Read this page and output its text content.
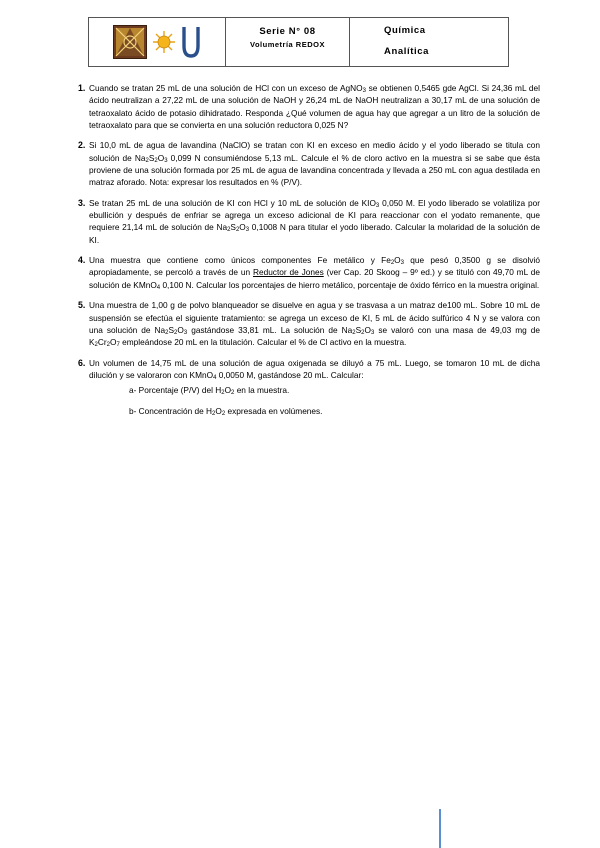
Serie N° 08
Volumetría REDOX
Química
Analítica
1. Cuando se tratan 25 mL de una solución de HCl con un exceso de AgNO$_3$ se obtienen 0,5465 gde AgCl. Si 24,36 mL del ácido neutralizan a 27,22 mL de una solución de NaOH y 26,24 mL de NaOH neutralizan a 30,17 mL de una solución de tetraoxalato ácido de potasio dihidratado. Responda ¿Qué volumen de agua hay que agregar a un litro de la solución de tetraoxalato para que se convierta en una solución reductora 0,025 N?
2. Si 10,0 mL de agua de lavandina (NaClO) se tratan con KI en exceso en medio ácido y el yodo liberado se titula con solución de $Na_2S_2O_3$ 0,099 N consumiéndose 5,13 mL. Calcule el % de cloro activo en la muestra si se sabe que ésta proviene de una solución formada por 25 mL de agua de lavandina concentrada y llevada a 250 mL con agua destilada en matraz aforado. Nota: expresar los resultados en % (P/V).
3. Se tratan 25 mL de una solución de KI con HCl y 10 mL de solución de $KIO_3$ 0,050 M. El yodo liberado se volatiliza por ebullición y después de enfriar se agrega un exceso adicional de KI para reaccionar con el yodato remanente, que requiere 21,14 mL de solución de $Na_2S_2O_3$ 0,1008 N para titular el yodo liberado. Calcular la molaridad de la solución de KI.
4. Una muestra que contiene como únicos componentes Fe metálico y $Fe_2O_3$ que pesó 0,3500 g se disolvió apropiadamente, se percoló a través de un Reductor de Jones (ver Cap. 20 Skoog – 9º ed.) y se tituló con 49,70 mL de solución de KMnO$_4$ 0,100 N. Calcular los porcentajes de hierro metálico, porcentaje de óxido férrico en la muestra original.
5. Una muestra de 1,00 g de polvo blanqueador se disuelve en agua y se trasvasa a un matraz de100 mL. Sobre 10 mL de suspensión se efectúa el siguiente tratamiento: se agrega un exceso de KI, 5 mL de ácido sulfúrico 4 N y se valora con una solución de $Na_2S_2O_3$ gastándose 33,81 mL. La solución de $Na_2S_2O_3$ se valoró con una masa de 49,03 mg de $K_2Cr_2O_7$ empleándose 20 mL en la titulación. Calcular el % de Cl activo en la muestra.
6. Un volumen de 14,75 mL de una solución de agua oxigenada se diluyó a 75 mL. Luego, se tomaron 10 mL de dicha dilución y se valoraron con KMnO$_4$ 0,0050 M, gastándose 20 mL. Calcular:
a- Porcentaje (P/V) del $H_2O_2$ en la muestra.
b- Concentración de $H_2O_2$ expresada en volúmenes.
